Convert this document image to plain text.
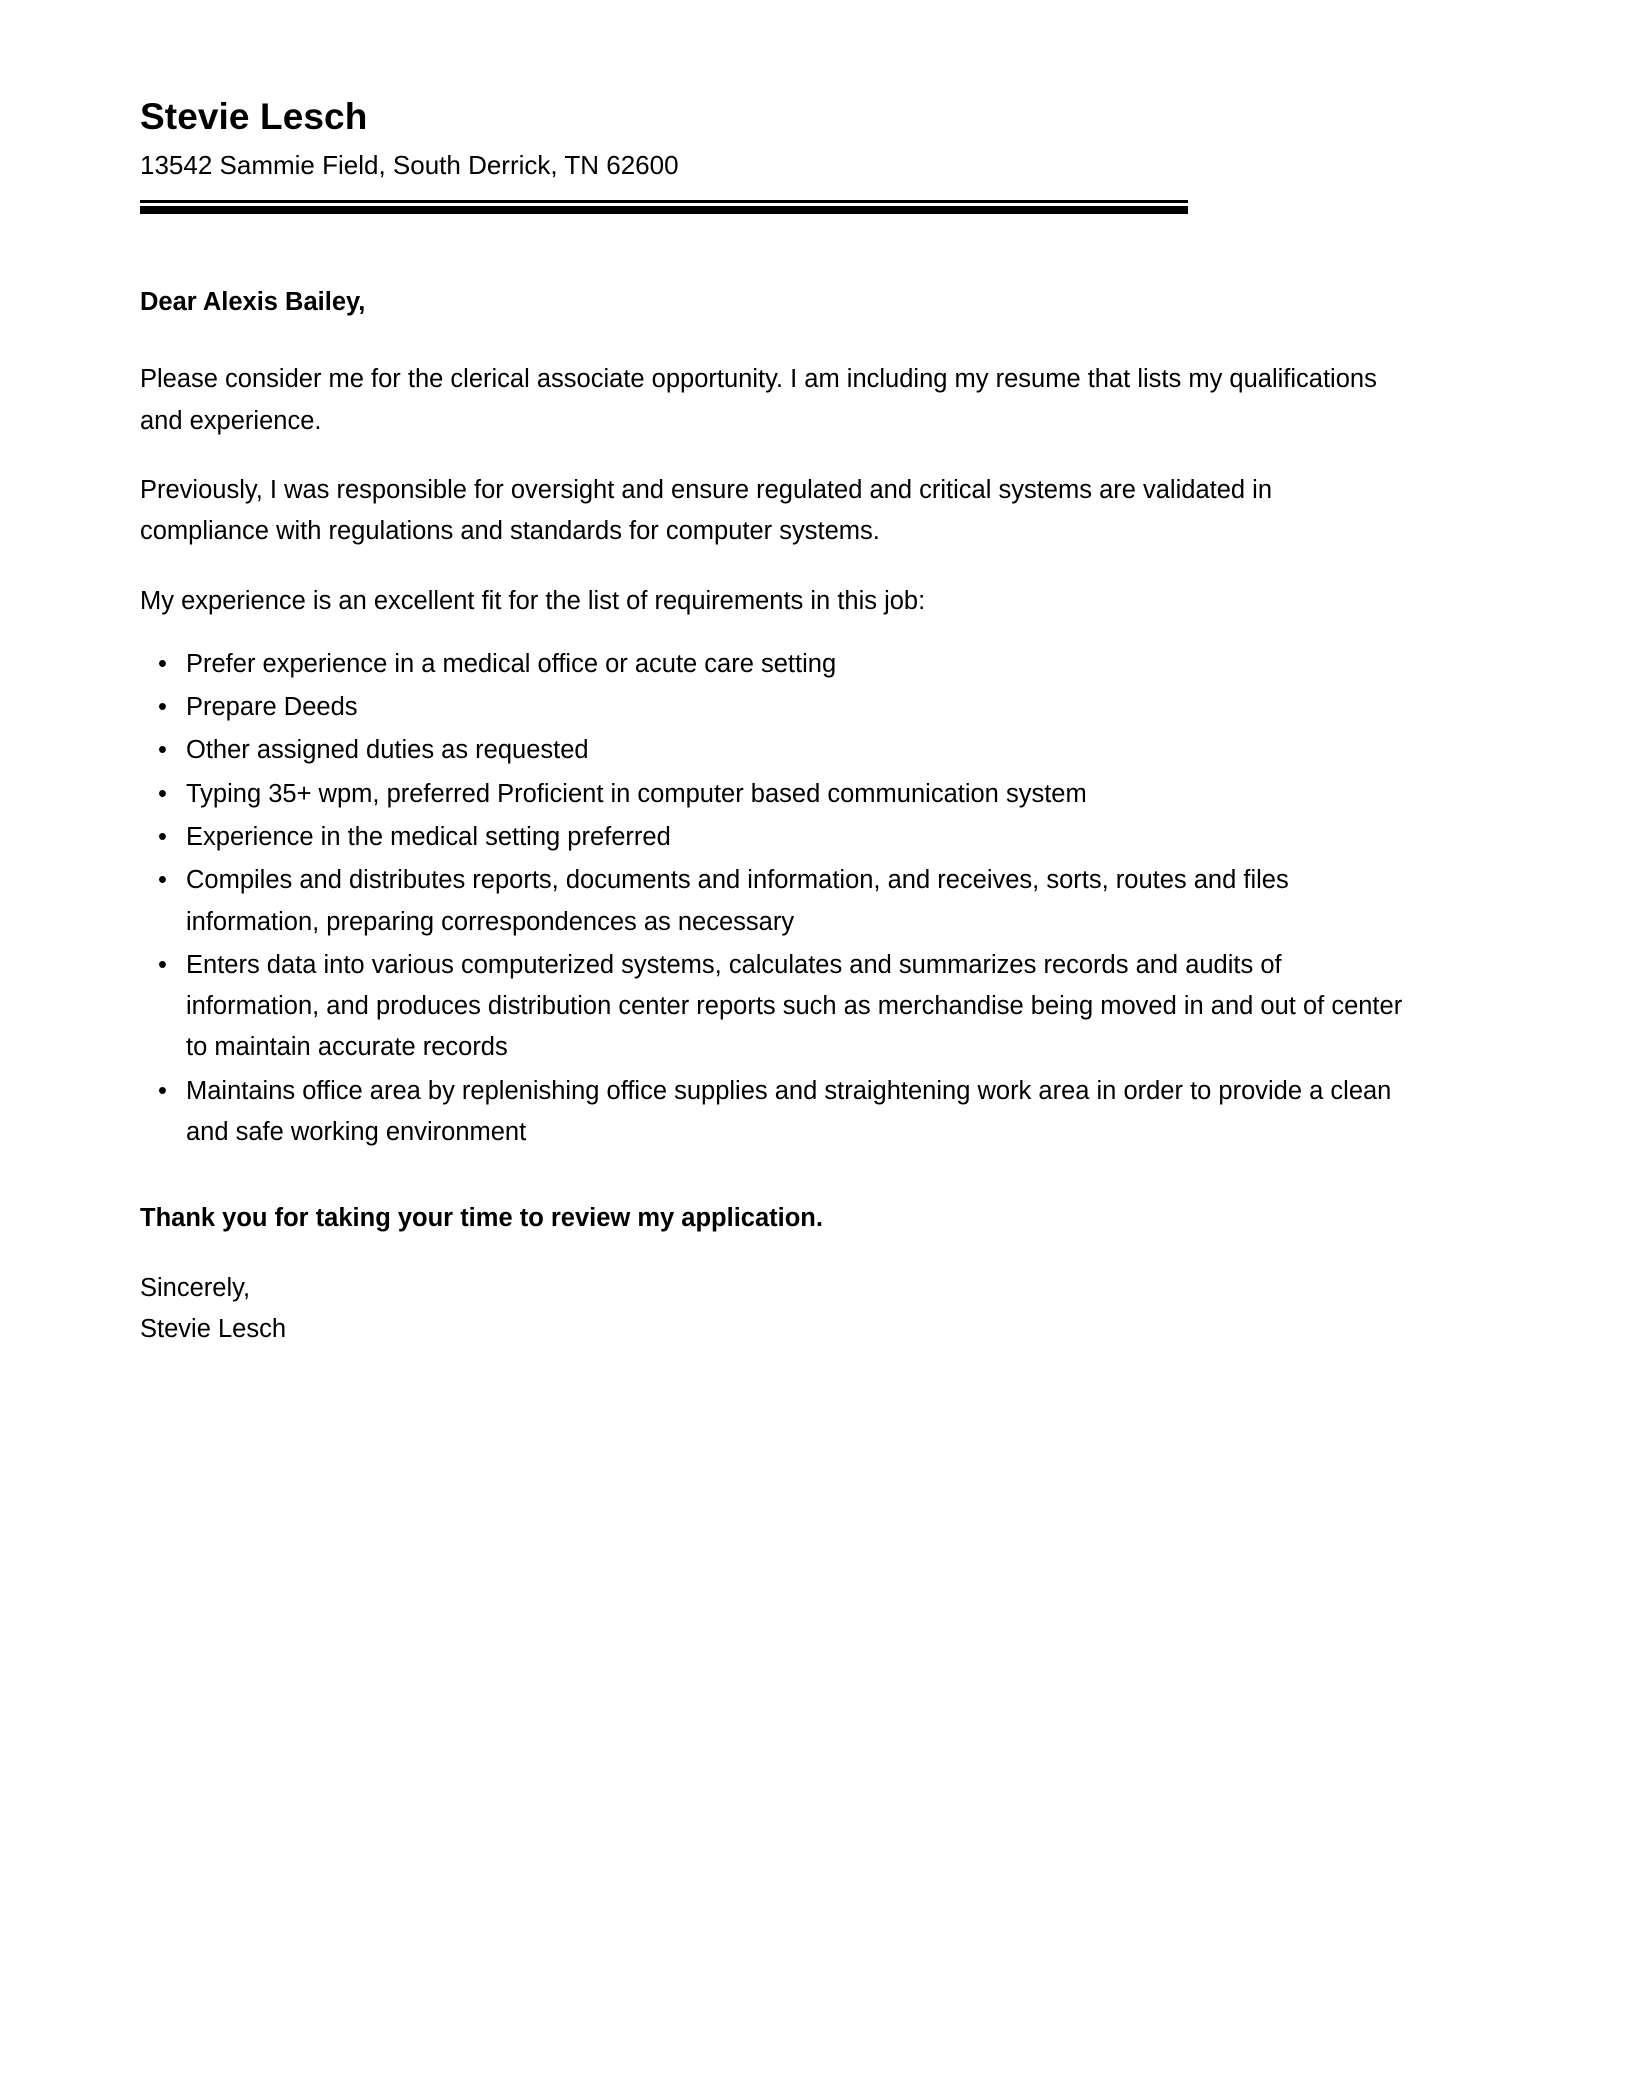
Stevie Lesch
13542 Sammie Field, South Derrick, TN 62600
Dear Alexis Bailey,

Please consider me for the clerical associate opportunity. I am including my resume that lists my qualifications and experience.

Previously, I was responsible for oversight and ensure regulated and critical systems are validated in compliance with regulations and standards for computer systems.

My experience is an excellent fit for the list of requirements in this job:

• Prefer experience in a medical office or acute care setting
• Prepare Deeds
• Other assigned duties as requested
• Typing 35+ wpm, preferred Proficient in computer based communication system
• Experience in the medical setting preferred
• Compiles and distributes reports, documents and information, and receives, sorts, routes and files information, preparing correspondences as necessary
• Enters data into various computerized systems, calculates and summarizes records and audits of information, and produces distribution center reports such as merchandise being moved in and out of center to maintain accurate records
• Maintains office area by replenishing office supplies and straightening work area in order to provide a clean and safe working environment
Thank you for taking your time to review my application.
Sincerely,
Stevie Lesch
